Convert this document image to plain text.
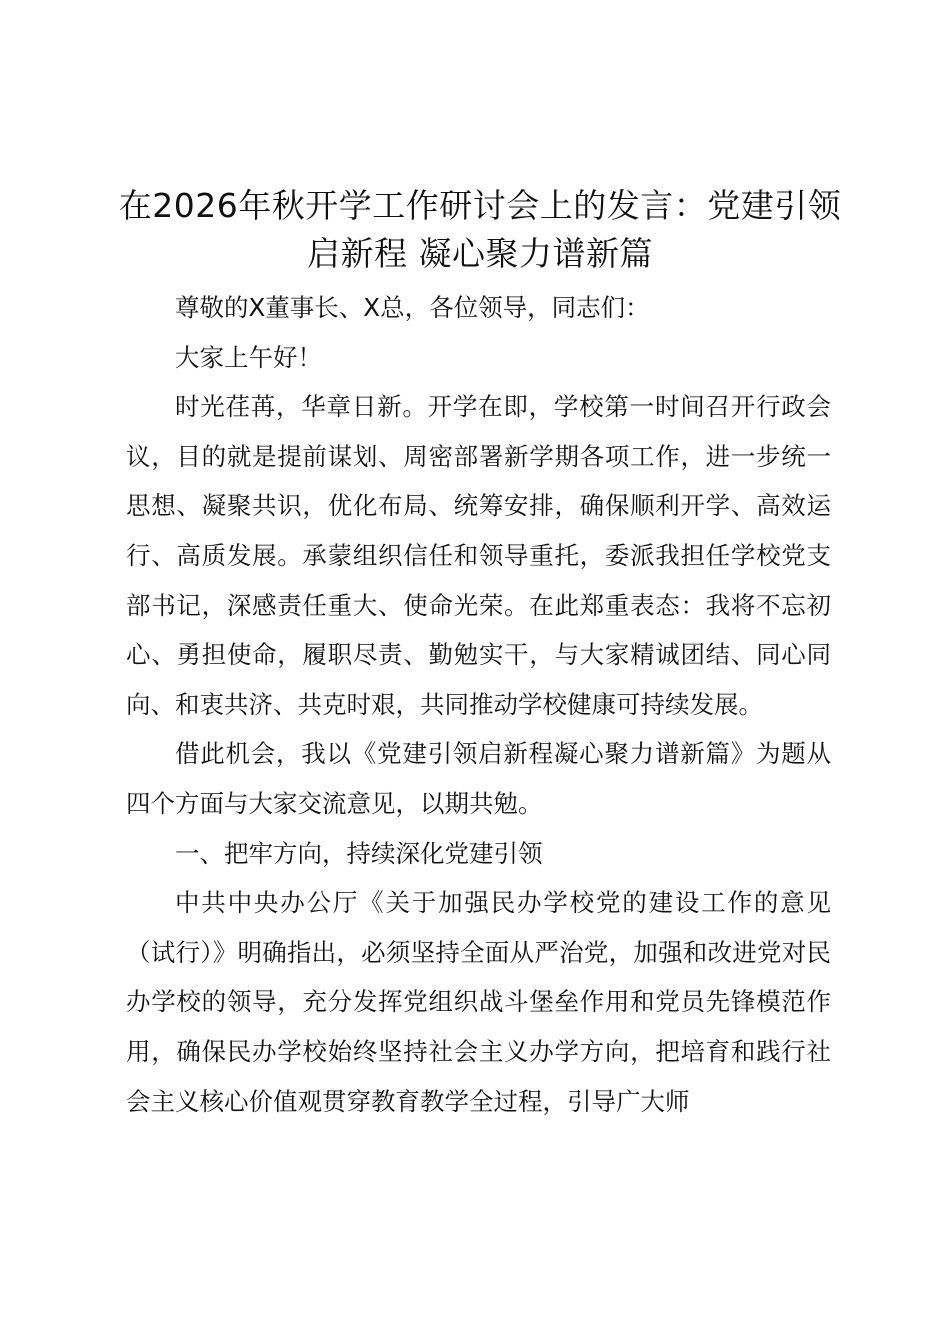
在2026年秋开学工作研讨会上的发言：党建引领启新程 凝心聚力谱新篇

尊敬的X董事长、X总，各位领导，同志们：

大家上午好！

时光荏苒，华章日新。开学在即，学校第一时间召开行政会议，目的就是提前谋划、周密部署新学期各项工作，进一步统一思想、凝聚共识，优化布局、统筹安排，确保顺利开学、高效运行、高质发展。承蒙组织信任和领导重托，委派我担任学校党支部书记，深感责任重大、使命光荣。在此郑重表态：我将不忘初心、勇担使命，履职尽责、勤勉实干，与大家精诚团结、同心同向、和衷共济、共克时艰，共同推动学校健康可持续发展。

借此机会，我以《党建引领启新程凝心聚力谱新篇》为题从四个方面与大家交流意见，以期共勉。

一、把牢方向，持续深化党建引领

中共中央办公厅《关于加强民办学校党的建设工作的意见（试行）》明确指出，必须坚持全面从严治党，加强和改进党对民办学校的领导，充分发挥党组织战斗堡垒作用和党员先锋模范作用，确保民办学校始终坚持社会主义办学方向，把培育和践行社会主义核心价值观贯穿教育教学全过程，引导广大师
